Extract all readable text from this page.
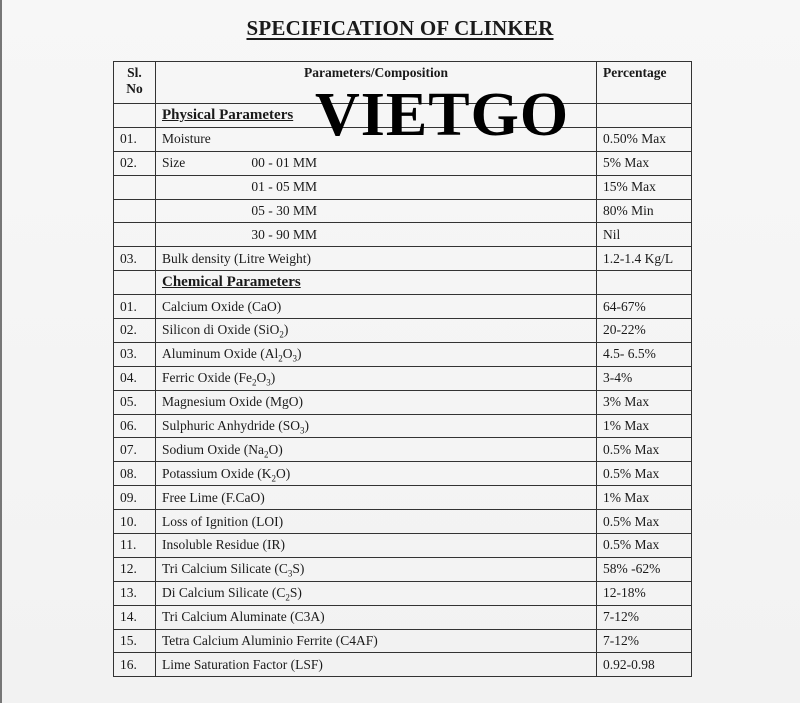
SPECIFICATION OF CLINKER
Sl.
No	Parameters/Composition	Percentage
	Physical Parameters	
01.	Moisture	0.50% Max
02.	Size 00 - 01 MM	5% Max
	01 - 05 MM	15% Max
	05 - 30 MM	80% Min
	30 - 90 MM	Nil
03.	Bulk density (Litre Weight)	1.2-1.4 Kg/L
	Chemical Parameters	
01.	Calcium Oxide (CaO)	64-67%
02.	Silicon di Oxide (SiO$_2$)	20-22%
03.	Aluminum Oxide $(Al_2O_3)$	4.5- 6.5%
04.	Ferric Oxide $(Fe_2O_3)$	3-4%
05.	Magnesium Oxide (MgO)	3% Max
06.	Sulphuric Anhydride $(SO_3)$	1% Max
07.	Sodium Oxide $(Na_2O)$	0.5% Max
08.	Potassium Oxide $(K_2O)$	0.5% Max
09.	Free Lime (F.CaO)	1% Max
10.	Loss of Ignition (LOI)	0.5% Max
11.	Insoluble Residue (IR)	0.5% Max
12.	Tri Calcium Silicate $(C_3S)$	58% -62%
13.	Di Calcium Silicate $(C_2S)$	12-18%
14.	Tri Calcium Aluminate (C3A)	7-12%
15.	Tetra Calcium Aluminio Ferrite (C4AF)	7-12%
16.	Lime Saturation Factor (LSF)	0.92-0.98
VIETGO
